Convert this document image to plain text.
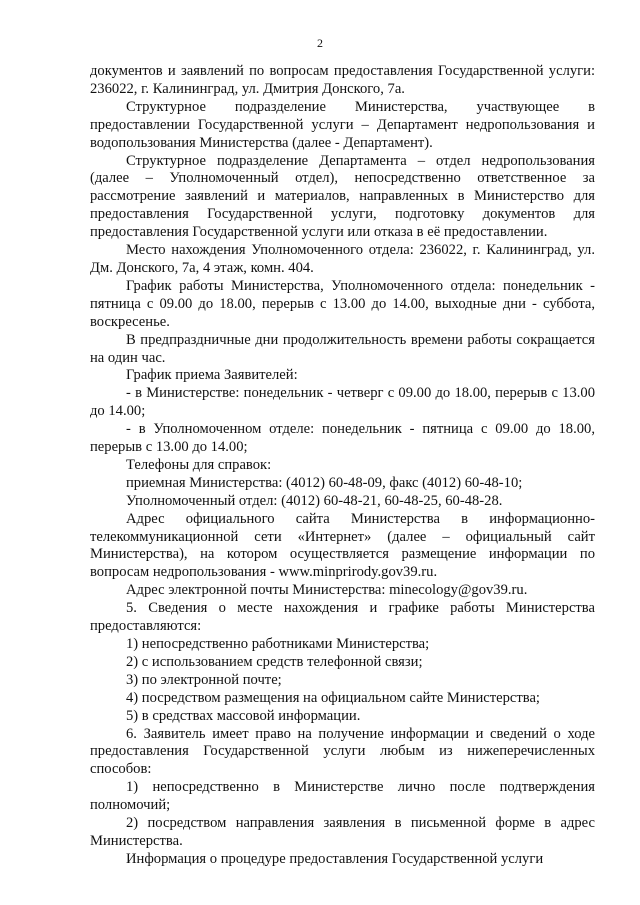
2

документов и заявлений по вопросам предоставления Государственной услуги: 236022, г. Калининград, ул. Дмитрия Донского, 7а.

Структурное подразделение Министерства, участвующее в предоставлении Государственной услуги – Департамент недропользования и водопользования Министерства (далее - Департамент).

Структурное подразделение Департамента – отдел недропользования (далее – Уполномоченный отдел), непосредственно ответственное за рассмотрение заявлений и материалов, направленных в Министерство для предоставления Государственной услуги, подготовку документов для предоставления Государственной услуги или отказа в её предоставлении.

Место нахождения Уполномоченного отдела: 236022, г. Калининград, ул. Дм. Донского, 7а, 4 этаж, комн. 404.

График работы Министерства, Уполномоченного отдела: понедельник - пятница с 09.00 до 18.00, перерыв с 13.00 до 14.00, выходные дни - суббота, воскресенье.

В предпраздничные дни продолжительность времени работы сокращается на один час.

График приема Заявителей:

- в Министерстве: понедельник - четверг с 09.00 до 18.00, перерыв с 13.00 до 14.00;

- в Уполномоченном отделе: понедельник - пятница с 09.00 до 18.00, перерыв с 13.00 до 14.00;

Телефоны для справок:

приемная Министерства: (4012) 60-48-09, факс (4012) 60-48-10;

Уполномоченный отдел: (4012) 60-48-21, 60-48-25, 60-48-28.

Адрес официального сайта Министерства в информационно-телекоммуникационной сети «Интернет» (далее – официальный сайт Министерства), на котором осуществляется размещение информации по вопросам недропользования - www.minprirody.gov39.ru.

Адрес электронной почты Министерства: minecology@gov39.ru.

5. Сведения о месте нахождения и графике работы Министерства предоставляются:

1) непосредственно работниками Министерства;

2) с использованием средств телефонной связи;

3) по электронной почте;

4) посредством размещения на официальном сайте Министерства;

5) в средствах массовой информации.

6. Заявитель имеет право на получение информации и сведений о ходе предоставления Государственной услуги любым из нижеперечисленных способов:

1) непосредственно в Министерстве лично после подтверждения полномочий;

2) посредством направления заявления в письменной форме в адрес Министерства.

Информация о процедуре предоставления Государственной услуги
